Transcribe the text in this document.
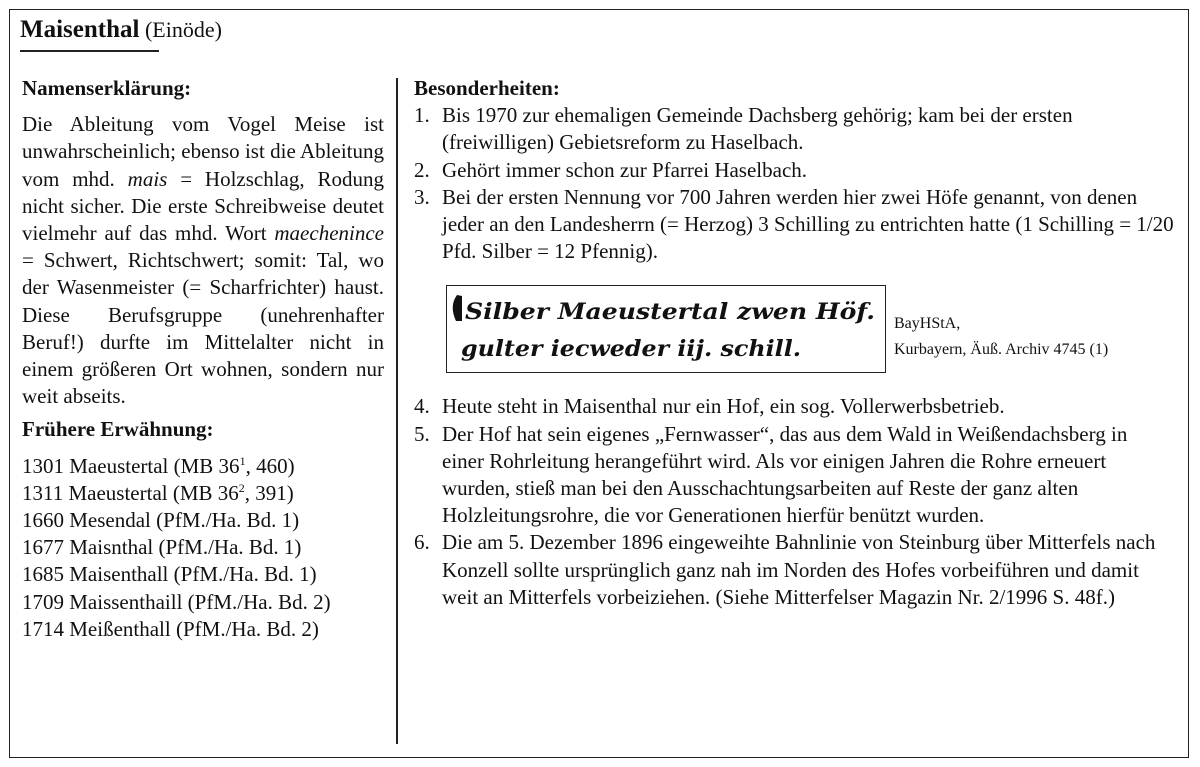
Maisenthal (Einöde)
Namenserklärung:

Die Ableitung vom Vogel Meise ist unwahrscheinlich; ebenso ist die Ableitung vom mhd. mais = Holzschlag, Rodung nicht sicher. Die erste Schreibweise deutet vielmehr auf das mhd. Wort maechenince = Schwert, Richtschwert; somit: Tal, wo der Wasenmeister (= Scharfrichter) haust. Diese Berufsgruppe (unehrenhafter Beruf!) durfte im Mittelalter nicht in einem größeren Ort wohnen, sondern nur weit abseits.

Frühere Erwähnung:
1301 Maeustertal (MB $36^1$, 460)
1311 Maeustertal (MB $36^2$, 391)
1660 Mesendal (PfM./Ha. Bd. 1)
1677 Maisnthal (PfM./Ha. Bd. 1)
1685 Maisenthall (PfM./Ha. Bd. 1)
1709 Maissenthaill (PfM./Ha. Bd. 2)
1714 Meißenthall (PfM./Ha. Bd. 2)
Besonderheiten:
1. Bis 1970 zur ehemaligen Gemeinde Dachsberg gehörig; kam bei der ersten (freiwilligen) Gebietsreform zu Haselbach.
2. Gehört immer schon zur Pfarrei Haselbach.
3. Bei der ersten Nennung vor 700 Jahren werden hier zwei Höfe genannt, von denen jeder an den Landesherrn (= Herzog) 3 Schilling zu entrichten hatte (1 Schilling = 1/20 Pfd. Silber = 12 Pfennig).
Silber Maeustertal zwen Höf.
gulter iecweder iij. schill.
BayHStA,
Kurbayern, Äuß. Archiv 4745 (1)
4. Heute steht in Maisenthal nur ein Hof, ein sog. Vollerwerbsbetrieb.
5. Der Hof hat sein eigenes „Fernwasser“, das aus dem Wald in Weißendachsberg in einer Rohrleitung herangeführt wird. Als vor einigen Jahren die Rohre erneuert wurden, stieß man bei den Ausschachtungsarbeiten auf Reste der ganz alten Holzleitungsrohre, die vor Generationen hierfür benützt wurden.
6. Die am 5. Dezember 1896 eingeweihte Bahnlinie von Steinburg über Mitterfels nach Konzell sollte ursprünglich ganz nah im Norden des Hofes vorbeiführen und damit weit an Mitterfels vorbeiziehen. (Siehe Mitterfelser Magazin Nr. 2/1996 S. 48f.)
